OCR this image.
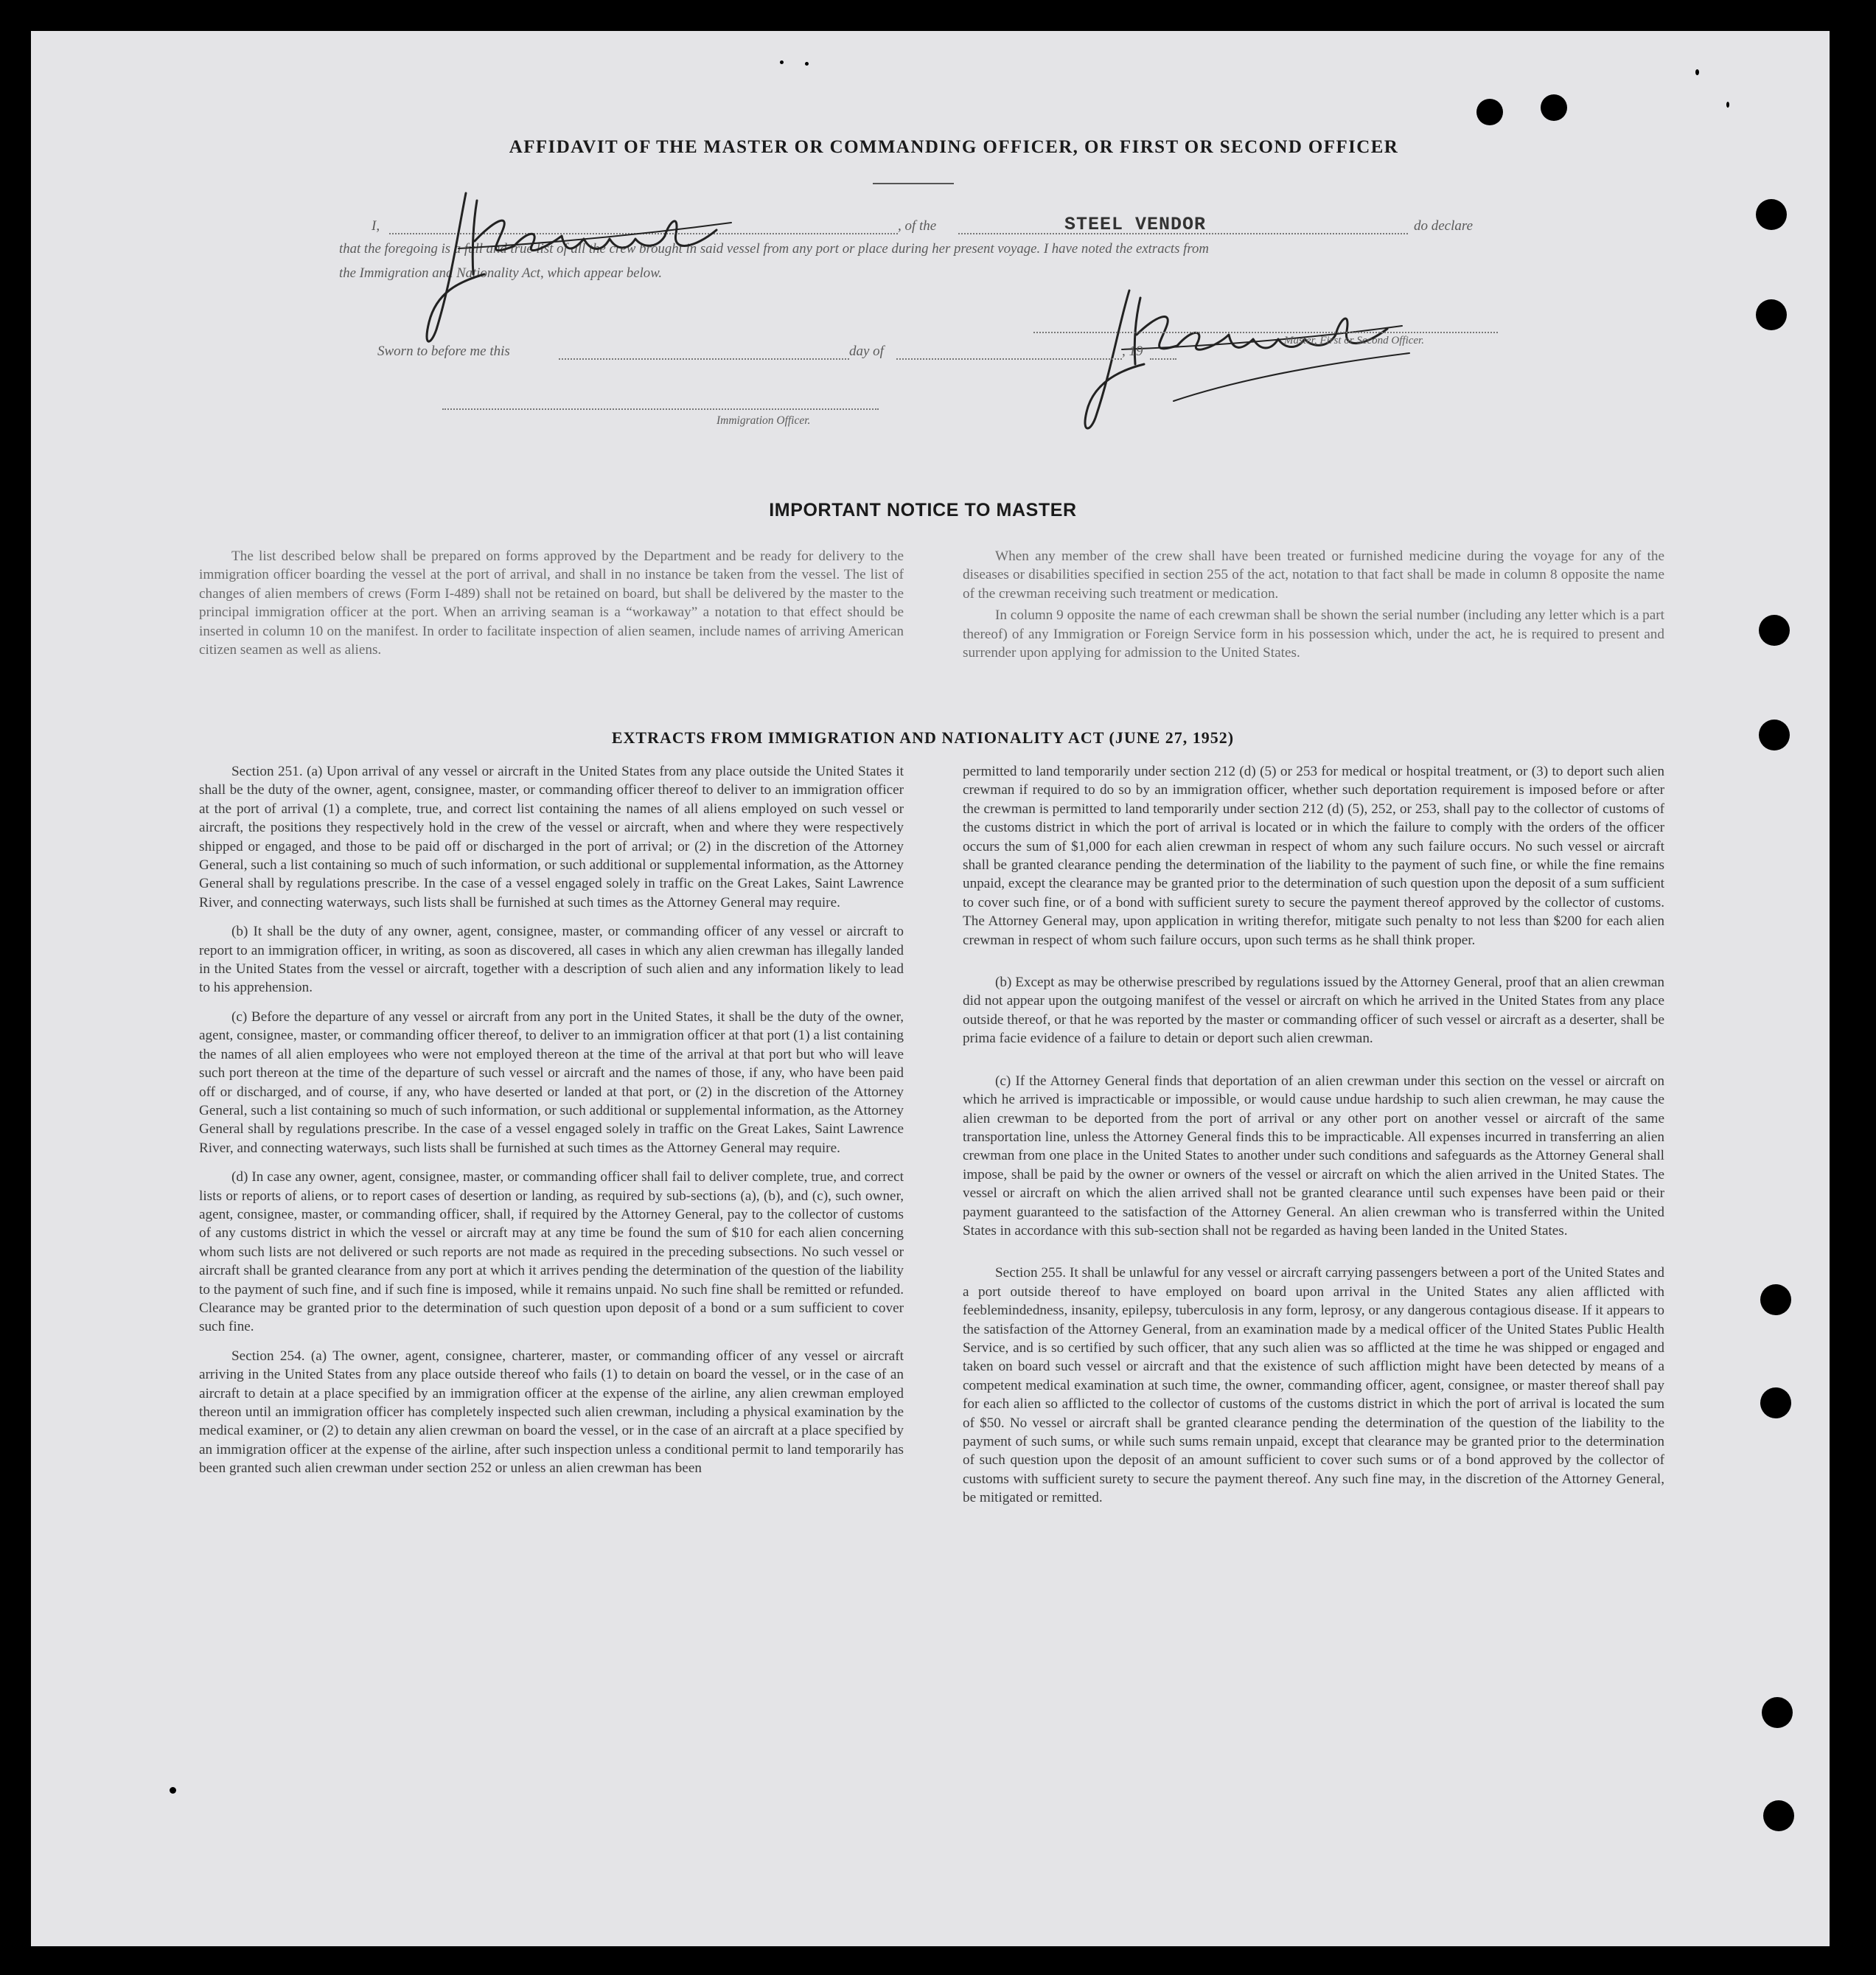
AFFIDAVIT OF THE MASTER OR COMMANDING OFFICER, OR FIRST OR SECOND OFFICER
I,	, of the	STEEL VENDOR	do declare
that the foregoing is a full and true list of all the crew brought in said vessel from any port or place during her present voyage. I have noted the extracts from
the Immigration and Nationality Act, which appear below.
Master, First or Second Officer.
Sworn to before me this	day of	, 19
Immigration Officer.
IMPORTANT NOTICE TO MASTER

The list described below shall be prepared on forms approved by the Department and be ready for delivery to the immigration officer boarding the vessel at the port of arrival, and shall in no instance be taken from the vessel. The list of changes of alien members of crews (Form I-489) shall not be retained on board, but shall be delivered by the master to the principal immigration officer at the port. When an arriving seaman is a “workaway” a notation to that effect should be inserted in column 10 on the manifest. In order to facilitate inspection of alien seamen, include names of arriving American citizen seamen as well as aliens.

When any member of the crew shall have been treated or furnished medicine during the voyage for any of the diseases or disabilities specified in section 255 of the act, notation to that fact shall be made in column 8 opposite the name of the crewman receiving such treatment or medication.

In column 9 opposite the name of each crewman shall be shown the serial number (including any letter which is a part thereof) of any Immigration or Foreign Service form in his possession which, under the act, he is required to present and surrender upon applying for admission to the United States.

EXTRACTS FROM IMMIGRATION AND NATIONALITY ACT (JUNE 27, 1952)

Section 251. (a) Upon arrival of any vessel or aircraft in the United States from any place outside the United States it shall be the duty of the owner, agent, consignee, master, or commanding officer thereof to deliver to an immigration officer at the port of arrival (1) a complete, true, and correct list containing the names of all aliens employed on such vessel or aircraft, the positions they respectively hold in the crew of the vessel or aircraft, when and where they were respectively shipped or engaged, and those to be paid off or discharged in the port of arrival; or (2) in the discretion of the Attorney General, such a list containing so much of such information, or such additional or supplemental information, as the Attorney General shall by regulations prescribe. In the case of a vessel engaged solely in traffic on the Great Lakes, Saint Lawrence River, and connecting waterways, such lists shall be furnished at such times as the Attorney General may require.

(b) It shall be the duty of any owner, agent, consignee, master, or commanding officer of any vessel or aircraft to report to an immigration officer, in writing, as soon as discovered, all cases in which any alien crewman has illegally landed in the United States from the vessel or aircraft, together with a description of such alien and any information likely to lead to his apprehension.

(c) Before the departure of any vessel or aircraft from any port in the United States, it shall be the duty of the owner, agent, consignee, master, or commanding officer thereof, to deliver to an immigration officer at that port (1) a list containing the names of all alien employees who were not employed thereon at the time of the arrival at that port but who will leave such port thereon at the time of the departure of such vessel or aircraft and the names of those, if any, who have been paid off or discharged, and of course, if any, who have deserted or landed at that port, or (2) in the discretion of the Attorney General, such a list containing so much of such information, or such additional or supplemental information, as the Attorney General shall by regulations prescribe. In the case of a vessel engaged solely in traffic on the Great Lakes, Saint Lawrence River, and connecting waterways, such lists shall be furnished at such times as the Attorney General may require.

(d) In case any owner, agent, consignee, master, or commanding officer shall fail to deliver complete, true, and correct lists or reports of aliens, or to report cases of desertion or landing, as required by sub-sections (a), (b), and (c), such owner, agent, consignee, master, or commanding officer, shall, if required by the Attorney General, pay to the collector of customs of any customs district in which the vessel or aircraft may at any time be found the sum of $10 for each alien concerning whom such lists are not delivered or such reports are not made as required in the preceding subsections. No such vessel or aircraft shall be granted clearance from any port at which it arrives pending the determination of the question of the liability to the payment of such fine, and if such fine is imposed, while it remains unpaid. No such fine shall be remitted or refunded. Clearance may be granted prior to the determination of such question upon deposit of a bond or a sum sufficient to cover such fine.

Section 254. (a) The owner, agent, consignee, charterer, master, or commanding officer of any vessel or aircraft arriving in the United States from any place outside thereof who fails (1) to detain on board the vessel, or in the case of an aircraft to detain at a place specified by an immigration officer at the expense of the airline, any alien crewman employed thereon until an immigration officer has completely inspected such alien crewman, including a physical examination by the medical examiner, or (2) to detain any alien crewman on board the vessel, or in the case of an aircraft at a place specified by an immigration officer at the expense of the airline, after such inspection unless a conditional permit to land temporarily has been granted such alien crewman under section 252 or unless an alien crewman has been

permitted to land temporarily under section 212 (d) (5) or 253 for medical or hospital treatment, or (3) to deport such alien crewman if required to do so by an immigration officer, whether such deportation requirement is imposed before or after the crewman is permitted to land temporarily under section 212 (d) (5), 252, or 253, shall pay to the collector of customs of the customs district in which the port of arrival is located or in which the failure to comply with the orders of the officer occurs the sum of $1,000 for each alien crewman in respect of whom any such failure occurs. No such vessel or aircraft shall be granted clearance pending the determination of the liability to the payment of such fine, or while the fine remains unpaid, except the clearance may be granted prior to the determination of such question upon the deposit of a sum sufficient to cover such fine, or of a bond with sufficient surety to secure the payment thereof approved by the collector of customs. The Attorney General may, upon application in writing therefor, mitigate such penalty to not less than $200 for each alien crewman in respect of whom such failure occurs, upon such terms as he shall think proper.

(b) Except as may be otherwise prescribed by regulations issued by the Attorney General, proof that an alien crewman did not appear upon the outgoing manifest of the vessel or aircraft on which he arrived in the United States from any place outside thereof, or that he was reported by the master or commanding officer of such vessel or aircraft as a deserter, shall be prima facie evidence of a failure to detain or deport such alien crewman.

(c) If the Attorney General finds that deportation of an alien crewman under this section on the vessel or aircraft on which he arrived is impracticable or impossible, or would cause undue hardship to such alien crewman, he may cause the alien crewman to be deported from the port of arrival or any other port on another vessel or aircraft of the same transportation line, unless the Attorney General finds this to be impracticable. All expenses incurred in transferring an alien crewman from one place in the United States to another under such conditions and safeguards as the Attorney General shall impose, shall be paid by the owner or owners of the vessel or aircraft on which the alien arrived in the United States. The vessel or aircraft on which the alien arrived shall not be granted clearance until such expenses have been paid or their payment guaranteed to the satisfaction of the Attorney General. An alien crewman who is transferred within the United States in accordance with this sub-section shall not be regarded as having been landed in the United States.

Section 255. It shall be unlawful for any vessel or aircraft carrying passengers between a port of the United States and a port outside thereof to have employed on board upon arrival in the United States any alien afflicted with feeblemindedness, insanity, epilepsy, tuberculosis in any form, leprosy, or any dangerous contagious disease. If it appears to the satisfaction of the Attorney General, from an examination made by a medical officer of the United States Public Health Service, and is so certified by such officer, that any such alien was so afflicted at the time he was shipped or engaged and taken on board such vessel or aircraft and that the existence of such affliction might have been detected by means of a competent medical examination at such time, the owner, commanding officer, agent, consignee, or master thereof shall pay for each alien so afflicted to the collector of customs of the customs district in which the port of arrival is located the sum of $50. No vessel or aircraft shall be granted clearance pending the determination of the question of the liability to the payment of such sums, or while such sums remain unpaid, except that clearance may be granted prior to the determination of such question upon the deposit of an amount sufficient to cover such sums or of a bond approved by the collector of customs with sufficient surety to secure the payment thereof. Any such fine may, in the discretion of the Attorney General, be mitigated or remitted.
